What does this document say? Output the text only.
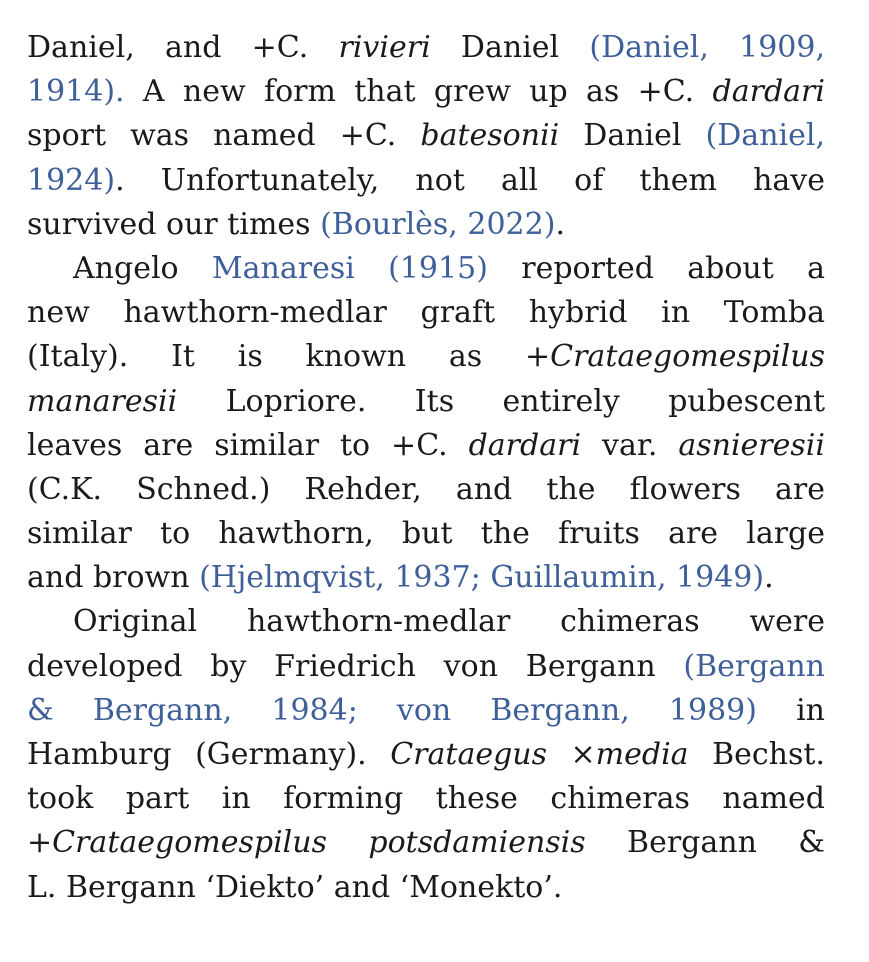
Daniel, and +C. rivieri Daniel (Daniel, 1909,
1914). A new form that grew up as +C. dardari
sport was named +C. batesonii Daniel (Daniel,
1924). Unfortunately, not all of them have
survived our times (Bourlès, 2022).
Angelo Manaresi (1915) reported about a
new hawthorn-medlar graft hybrid in Tomba
(Italy). It is known as +Crataegomespilus
manaresii Lopriore. Its entirely pubescent
leaves are similar to +C. dardari var. asnieresii
(C.K. Schned.) Rehder, and the flowers are
similar to hawthorn, but the fruits are large
and brown (Hjelmqvist, 1937; Guillaumin, 1949).
Original hawthorn-medlar chimeras were
developed by Friedrich von Bergann (Bergann
& Bergann, 1984; von Bergann, 1989) in
Hamburg (Germany). Crataegus ×media Bechst.
took part in forming these chimeras named
+Crataegomespilus potsdamiensis Bergann &
L. Bergann ‘Diekto’ and ‘Monekto’.
